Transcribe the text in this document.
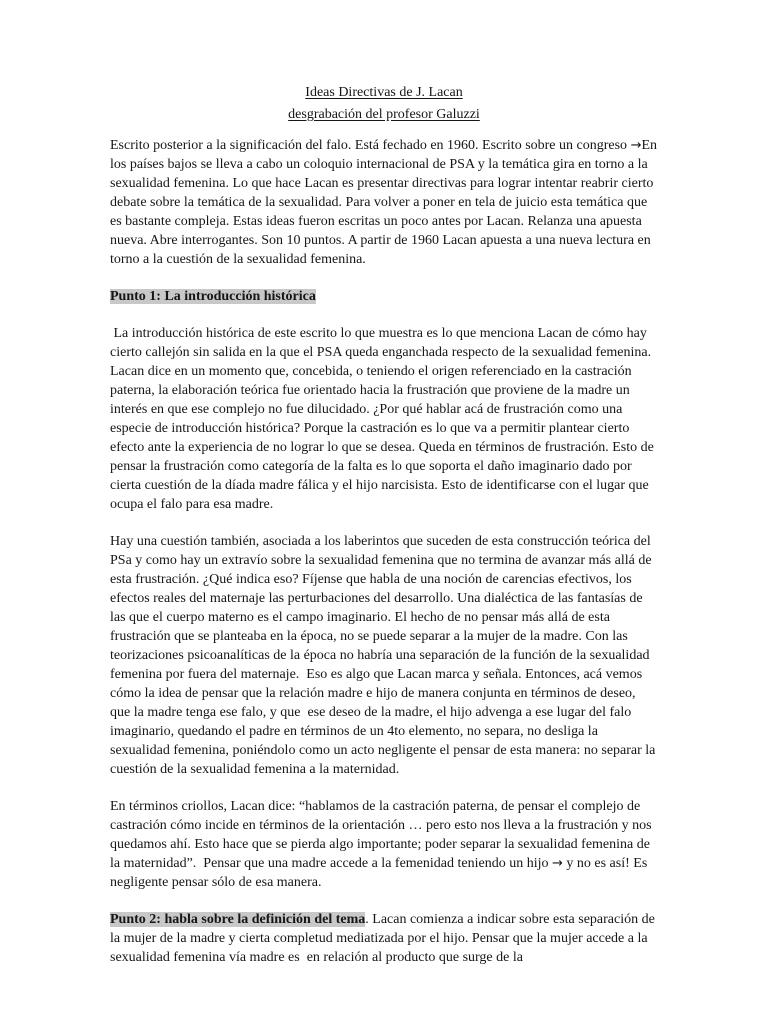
Ideas Directivas de J. Lacan
desgrabación del profesor Galuzzi

Escrito posterior a la significación del falo. Está fechado en 1960. Escrito sobre un congreso →En los países bajos se lleva a cabo un coloquio internacional de PSA y la temática gira en torno a la sexualidad femenina. Lo que hace Lacan es presentar directivas para lograr intentar reabrir cierto debate sobre la temática de la sexualidad. Para volver a poner en tela de juicio esta temática que es bastante compleja. Estas ideas fueron escritas un poco antes por Lacan. Relanza una apuesta nueva. Abre interrogantes. Son 10 puntos. A partir de 1960 Lacan apuesta a una nueva lectura en torno a la cuestión de la sexualidad femenina.

Punto 1: La introducción histórica

La introducción histórica de este escrito lo que muestra es lo que menciona Lacan de cómo hay cierto callejón sin salida en la que el PSA queda enganchada respecto de la sexualidad femenina. Lacan dice en un momento que, concebida, o teniendo el origen referenciado en la castración paterna, la elaboración teórica fue orientado hacia la frustración que proviene de la madre un interés en que ese complejo no fue dilucidado. ¿Por qué hablar acá de frustración como una especie de introducción histórica? Porque la castración es lo que va a permitir plantear cierto efecto ante la experiencia de no lograr lo que se desea. Queda en términos de frustración. Esto de pensar la frustración como categoría de la falta es lo que soporta el daño imaginario dado por cierta cuestión de la díada madre fálica y el hijo narcisista. Esto de identificarse con el lugar que ocupa el falo para esa madre.

Hay una cuestión también, asociada a los laberintos que suceden de esta construcción teórica del PSa y como hay un extravío sobre la sexualidad femenina que no termina de avanzar más allá de esta frustración. ¿Qué indica eso? Fíjense que habla de una noción de carencias efectivos, los efectos reales del maternaje las perturbaciones del desarrollo. Una dialéctica de las fantasías de las que el cuerpo materno es el campo imaginario. El hecho de no pensar más allá de esta frustración que se planteaba en la época, no se puede separar a la mujer de la madre. Con las teorizaciones psicoanalíticas de la época no habría una separación de la función de la sexualidad femenina por fuera del maternaje.  Eso es algo que Lacan marca y señala. Entonces, acá vemos cómo la idea de pensar que la relación madre e hijo de manera conjunta en términos de deseo, que la madre tenga ese falo, y que  ese deseo de la madre, el hijo advenga a ese lugar del falo imaginario, quedando el padre en términos de un 4to elemento, no separa, no desliga la sexualidad femenina, poniéndolo como un acto negligente el pensar de esta manera: no separar la cuestión de la sexualidad femenina a la maternidad.

En términos criollos, Lacan dice: “hablamos de la castración paterna, de pensar el complejo de castración cómo incide en términos de la orientación … pero esto nos lleva a la frustración y nos quedamos ahí. Esto hace que se pierda algo importante; poder separar la sexualidad femenina de la maternidad”.  Pensar que una madre accede a la femenidad teniendo un hijo → y no es así! Es negligente pensar sólo de esa manera.

Punto 2: habla sobre la definición del tema. Lacan comienza a indicar sobre esta separación de la mujer de la madre y cierta completud mediatizada por el hijo. Pensar que la mujer accede a la sexualidad femenina vía madre es  en relación al producto que surge de la
